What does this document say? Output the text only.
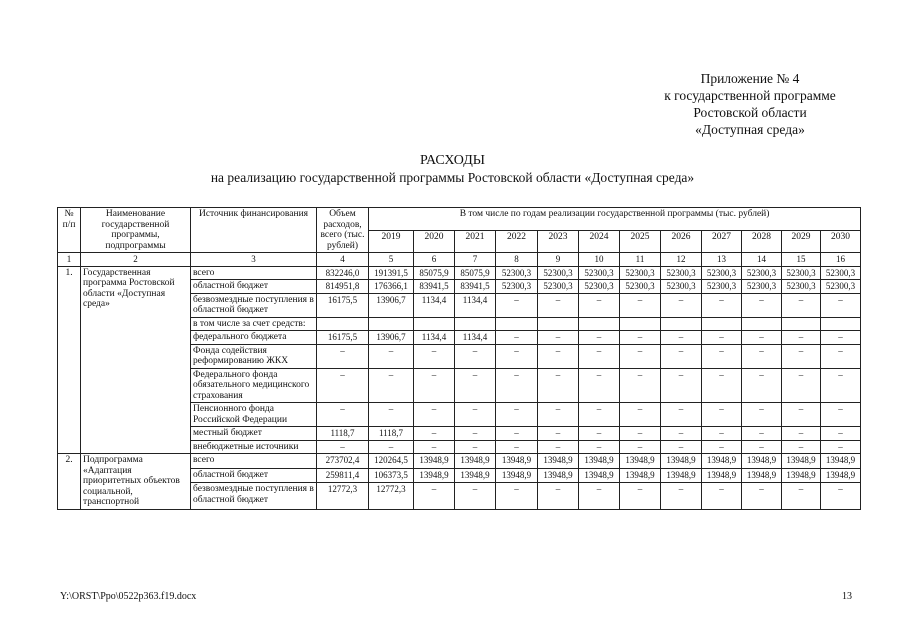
Приложение № 4
к государственной программе
Ростовской области
«Доступная среда»
РАСХОДЫ
на реализацию государственной программы Ростовской области «Доступная среда»
№ п/п	Наименование государственной программы, подпрограммы	Источник финансирования	Объем расходов, всего (тыс. рублей)	В том числе по годам реализации государственной программы (тыс. рублей)											
				2019	2020	2021	2022	2023	2024	2025	2026	2027	2028	2029	2030
1	2	3	4	5	6	7	8	9	10	11	12	13	14	15	16
1.	Государственная программа Ростовской области «Доступная среда»	всего	832246,0	191391,5	85075,9	85075,9	52300,3	52300,3	52300,3	52300,3	52300,3	52300,3	52300,3	52300,3	52300,3
		областной бюджет	814951,8	176366,1	83941,5	83941,5	52300,3	52300,3	52300,3	52300,3	52300,3	52300,3	52300,3	52300,3	52300,3
		безвозмездные поступления в областной бюджет	16175,5	13906,7	1134,4	1134,4	–	–	–	–	–	–	–	–	–
		в том числе за счет средств:													
		федерального бюджета	16175,5	13906,7	1134,4	1134,4	–	–	–	–	–	–	–	–	–
		Фонда содействия реформированию ЖКХ	–	–	–	–	–	–	–	–	–	–	–	–	–
		Федерального фонда обязательного медицинского страхования	–	–	–	–	–	–	–	–	–	–	–	–	–
		Пенсионного фонда Российской Федерации	–	–	–	–	–	–	–	–	–	–	–	–	–
		местный бюджет	1118,7	1118,7	–	–	–	–	–	–	–	–	–	–	–
		внебюджетные источники	–	–	–	–	–	–	–	–	–	–	–	–	–
2.	Подпрограмма «Адаптация приоритетных объектов социальной, транспортной	всего	273702,4	120264,5	13948,9	13948,9	13948,9	13948,9	13948,9	13948,9	13948,9	13948,9	13948,9	13948,9	13948,9
		областной бюджет	259811,4	106373,5	13948,9	13948,9	13948,9	13948,9	13948,9	13948,9	13948,9	13948,9	13948,9	13948,9	13948,9
		безвозмездные поступления в областной бюджет	12772,3	12772,3	–	–	–	–	–	–	–	–	–	–	–
Y:\ORST\Ppo\0522p363.f19.docx	13
